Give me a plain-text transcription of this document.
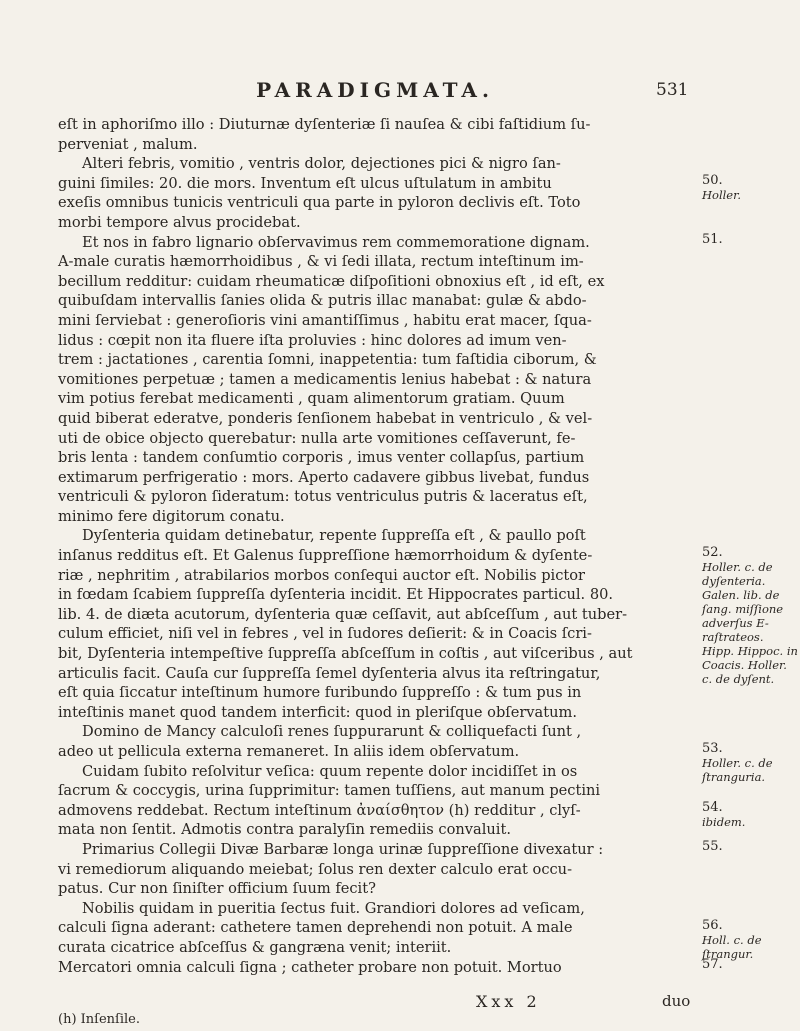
PARADIGMATA.	531
eſt in aphoriſmo illo : Diuturnæ dyſenteriæ ſi nauſea & cibi faſtidium ſu-
perveniat , malum.
Alteri febris, vomitio , ventris dolor, dejectiones pici & nigro ſan-
guini ſimiles: 20. die mors. Inventum eſt ulcus uſtulatum in ambitu
exeſis omnibus tunicis ventriculi qua parte in pyloron declivis eſt. Toto
morbi tempore alvus procidebat.
Et nos in fabro lignario obſervavimus rem commemoratione dignam.
A-male curatis hæmorrhoidibus , & vi ſedi illata, rectum inteſtinum im-
becillum redditur: cuidam rheumaticæ diſpoſitioni obnoxius eſt , id eſt, ex
quibuſdam intervallis ſanies olida & putris illac manabat: gulæ & abdo-
mini ſerviebat : generoſioris vini amantiſſimus , habitu erat macer, ſqua-
lidus : cœpit non ita fluere iſta proluvies : hinc dolores ad imum ven-
trem : jactationes , carentia ſomni, inappetentia: tum faſtidia ciborum, &
vomitiones perpetuæ ; tamen a medicamentis lenius habebat : & natura
vim potius ferebat medicamenti , quam alimentorum gratiam. Quum
quid biberat ederatve, ponderis ſenſionem habebat in ventriculo , & vel-
uti de obice objecto querebatur: nulla arte vomitiones ceſſaverunt, fe-
bris lenta : tandem conſumtio corporis , imus venter collapſus, partium
extimarum perfrigeratio : mors. Aperto cadavere gibbus livebat, fundus
ventriculi & pyloron ſideratum: totus ventriculus putris & laceratus eſt,
minimo fere digitorum conatu.
Dyſenteria quidam detinebatur, repente ſuppreſſa eſt , & paullo poſt
inſanus redditus eſt. Et Galenus ſuppreſſione hæmorrhoidum & dyſente-
riæ , nephritim , atrabilarios morbos conſequi auctor eſt. Nobilis pictor
in fœdam ſcabiem ſuppreſſa dyſenteria incidit. Et Hippocrates particul. 80.
lib. 4. de diæta acutorum, dyſenteria quæ ceſſavit, aut abſceſſum , aut tuber-
culum efficiet, niſi vel in febres , vel in ſudores deſierit: & in Coacis ſcri-
bit, Dyſenteria intempeſtive ſuppreſſa abſceſſum in coſtis , aut viſceribus , aut
articulis facit. Cauſa cur ſuppreſſa ſemel dyſenteria alvus ita reſtringatur,
eſt quia ſiccatur inteſtinum humore furibundo ſuppreſſo : & tum pus in
inteſtinis manet quod tandem interficit: quod in pleriſque obſervatum.
Domino de Mancy calculoſi renes ſuppurarunt & colliquefacti ſunt ,
adeo ut pellicula externa remaneret. In aliis idem obſervatum.
Cuidam ſubito reſolvitur veſica: quum repente dolor incidiſſet in os
ſacrum & coccygis, urina ſupprimitur: tamen tuſſiens, aut manum pectini
admovens reddebat. Rectum inteſtinum ἀναίσθητον (h) redditur , clyſ-
mata non ſentit. Admotis contra paralyſin remediis convaluit.
Primarius Collegii Divæ Barbaræ longa urinæ ſuppreſſione divexatur :
vi remediorum aliquando meiebat; ſolus ren dexter calculo erat occu-
patus. Cur non ſiniſter officium ſuum fecit?
Nobilis quidam in pueritia ſectus fuit. Grandiori dolores ad veſicam,
calculi ſigna aderant: cathetere tamen deprehendi non potuit. A male
curata cicatrice abſceſſus & gangræna venit; interiit.
Mercatori omnia calculi ſigna ; catheter probare non potuit. Mortuo
50.
Holler.
51.
52.
Holler. c. de dyſenteria. Galen. lib. de ſang. miſſione adverſus E-raſtrateos. Hipp. Hippoc. in Coacis. Holler. c. de dyſent.
53.
Holler. c. de ſtranguria.
54.
ibidem.
55.
56.
Holl. c. de ſtrangur.
57.
Xxx 2	duo
(h) Inſenſile.
